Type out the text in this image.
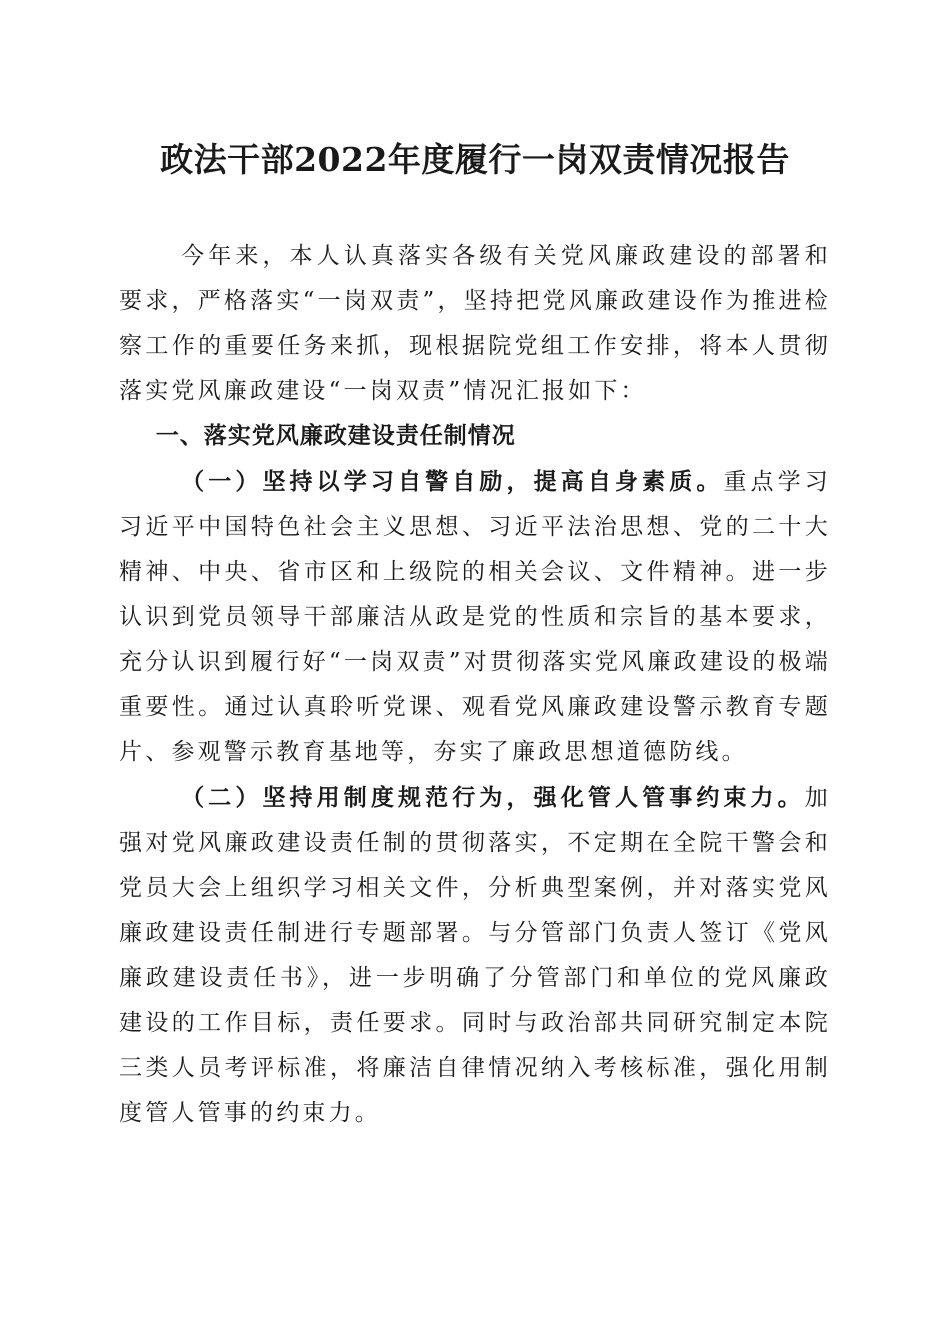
政法干部2022年度履行一岗双责情况报告

今年来，本人认真落实各级有关党风廉政建设的部署和要求，严格落实“一岗双责”，坚持把党风廉政建设作为推进检察工作的重要任务来抓，现根据院党组工作安排，将本人贯彻落实党风廉政建设“一岗双责”情况汇报如下：

一、落实党风廉政建设责任制情况

（一）坚持以学习自警自励，提高自身素质。重点学习习近平中国特色社会主义思想、习近平法治思想、党的二十大精神、中央、省市区和上级院的相关会议、文件精神。进一步认识到党员领导干部廉洁从政是党的性质和宗旨的基本要求，充分认识到履行好“一岗双责”对贯彻落实党风廉政建设的极端重要性。通过认真聆听党课、观看党风廉政建设警示教育专题片、参观警示教育基地等，夯实了廉政思想道德防线。

（二）坚持用制度规范行为，强化管人管事约束力。加强对党风廉政建设责任制的贯彻落实，不定期在全院干警会和党员大会上组织学习相关文件，分析典型案例，并对落实党风廉政建设责任制进行专题部署。与分管部门负责人签订《党风廉政建设责任书》，进一步明确了分管部门和单位的党风廉政建设的工作目标，责任要求。同时与政治部共同研究制定本院三类人员考评标准，将廉洁自律情况纳入考核标准，强化用制度管人管事的约束力。
